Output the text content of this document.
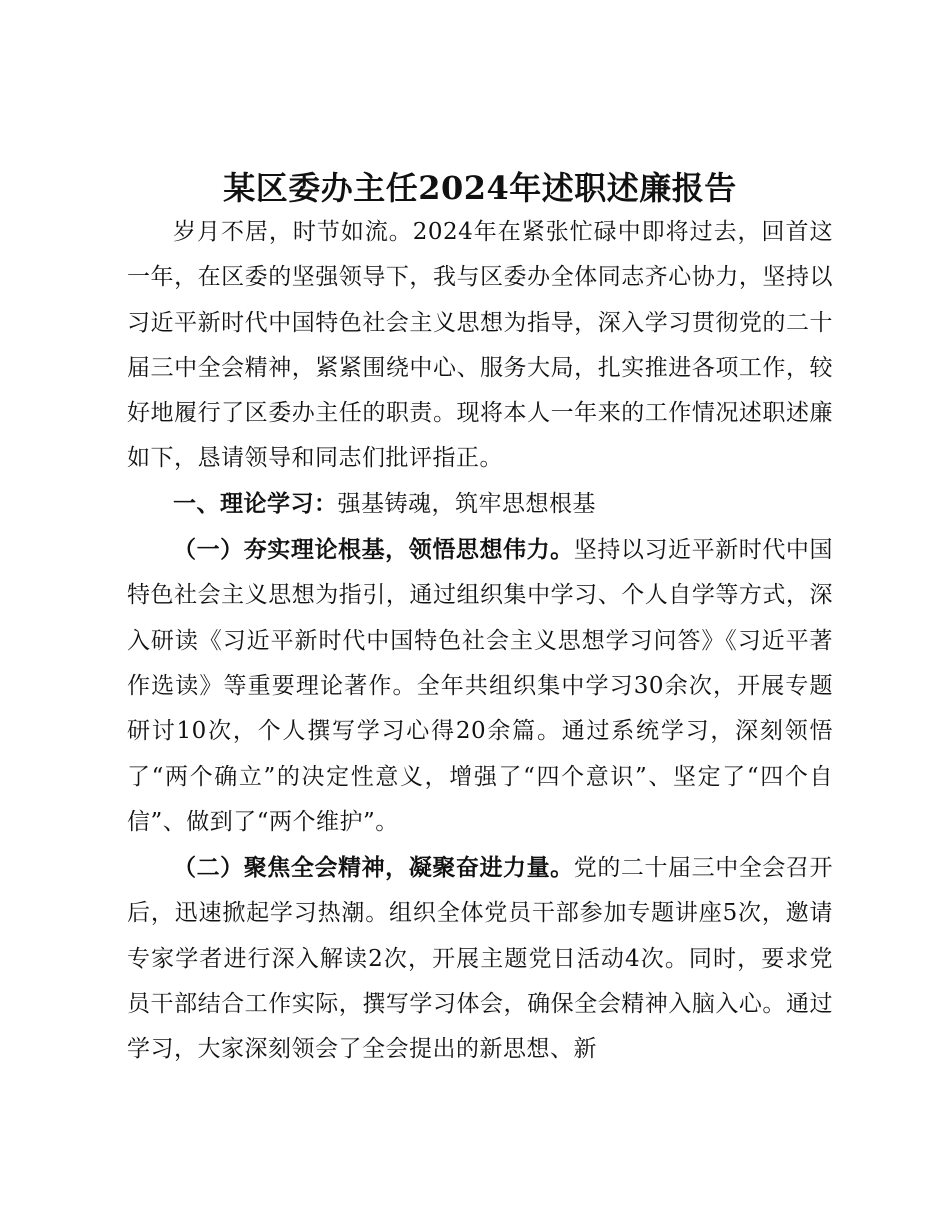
某区委办主任2024年述职述廉报告

岁月不居，时节如流。2024年在紧张忙碌中即将过去，回首这一年，在区委的坚强领导下，我与区委办全体同志齐心协力，坚持以习近平新时代中国特色社会主义思想为指导，深入学习贯彻党的二十届三中全会精神，紧紧围绕中心、服务大局，扎实推进各项工作，较好地履行了区委办主任的职责。现将本人一年来的工作情况述职述廉如下，恳请领导和同志们批评指正。

一、理论学习：强基铸魂，筑牢思想根基

（一）夯实理论根基，领悟思想伟力。坚持以习近平新时代中国特色社会主义思想为指引，通过组织集中学习、个人自学等方式，深入研读《习近平新时代中国特色社会主义思想学习问答》《习近平著作选读》等重要理论著作。全年共组织集中学习30余次，开展专题研讨10次，个人撰写学习心得20余篇。通过系统学习，深刻领悟了“两个确立”的决定性意义，增强了“四个意识”、坚定了“四个自信”、做到了“两个维护”。

（二）聚焦全会精神，凝聚奋进力量。党的二十届三中全会召开后，迅速掀起学习热潮。组织全体党员干部参加专题讲座5次，邀请专家学者进行深入解读2次，开展主题党日活动4次。同时，要求党员干部结合工作实际，撰写学习体会，确保全会精神入脑入心。通过学习，大家深刻领会了全会提出的新思想、新
